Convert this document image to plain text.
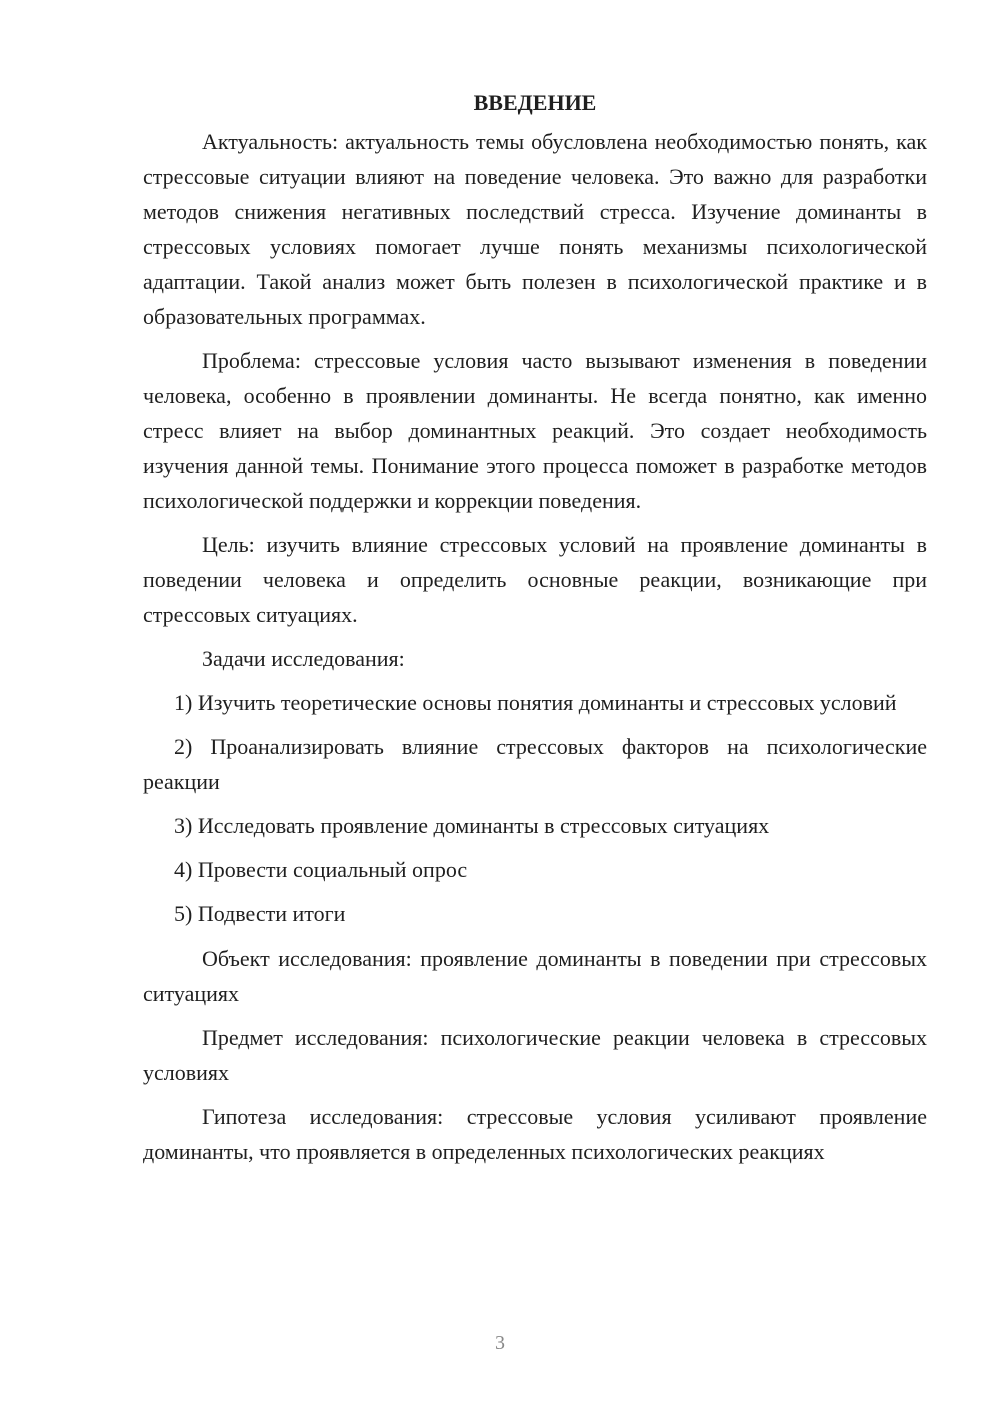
ВВЕДЕНИЕ

Актуальность: актуальность темы обусловлена необходимостью понять, как стрессовые ситуации влияют на поведение человека. Это важно для разработки методов снижения негативных последствий стресса. Изучение доминанты в стрессовых условиях помогает лучше понять механизмы психологической адаптации. Такой анализ может быть полезен в психологической практике и в образовательных программах.

Проблема: стрессовые условия часто вызывают изменения в поведении человека, особенно в проявлении доминанты. Не всегда понятно, как именно стресс влияет на выбор доминантных реакций. Это создает необходимость изучения данной темы. Понимание этого процесса поможет в разработке методов психологической поддержки и коррекции поведения.

Цель: изучить влияние стрессовых условий на проявление доминанты в поведении человека и определить основные реакции, возникающие при стрессовых ситуациях.

Задачи исследования:

1) Изучить теоретические основы понятия доминанты и стрессовых условий

2) Проанализировать влияние стрессовых факторов на психологические реакции

3) Исследовать проявление доминанты в стрессовых ситуациях

4) Провести социальный опрос

5) Подвести итоги

Объект исследования: проявление доминанты в поведении при стрессовых ситуациях

Предмет исследования: психологические реакции человека в стрессовых условиях

Гипотеза исследования: стрессовые условия усиливают проявление доминанты, что проявляется в определенных психологических реакциях

3
